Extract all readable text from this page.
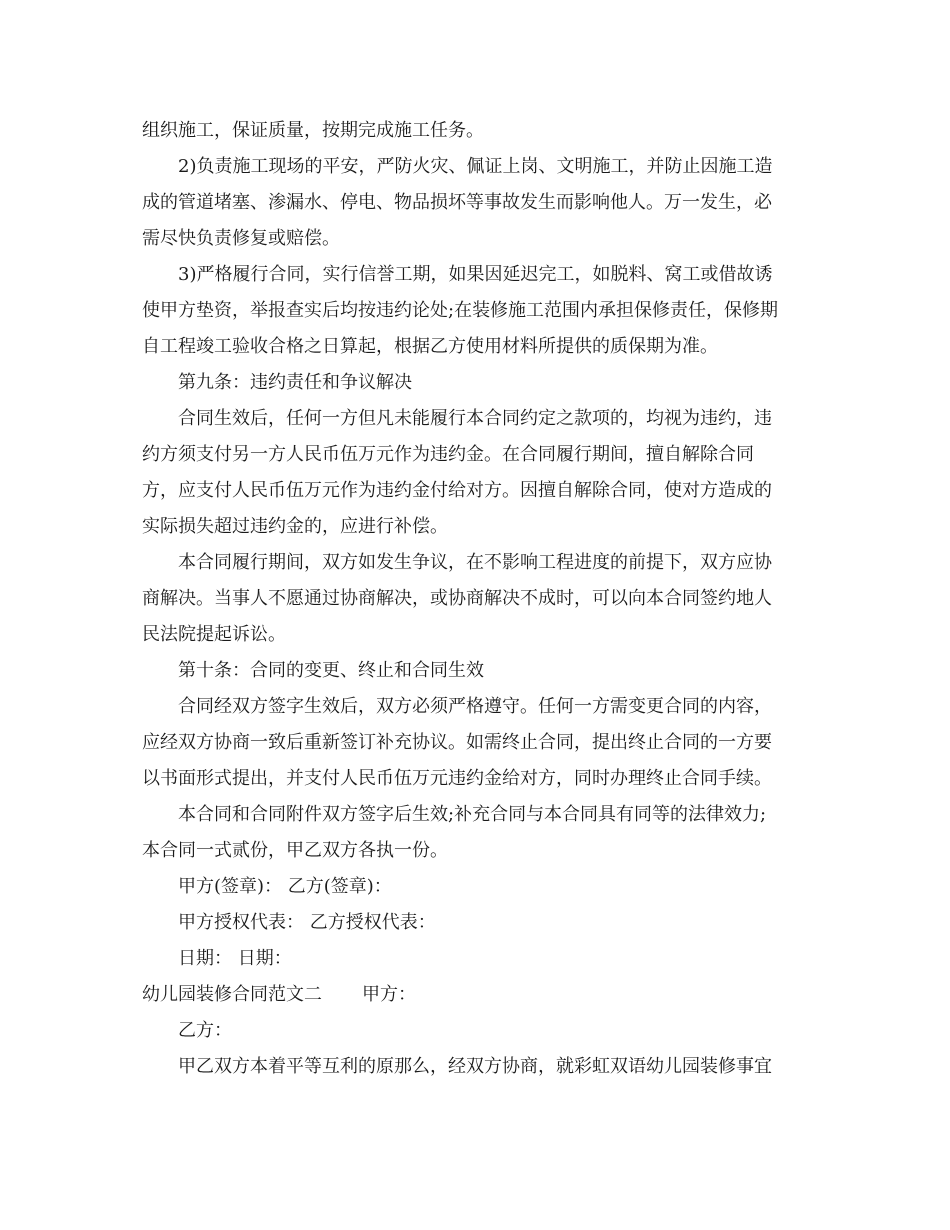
组织施工，保证质量，按期完成施工任务。
2)负责施工现场的平安，严防火灾、佩证上岗、文明施工，并防止因施工造
成的管道堵塞、渗漏水、停电、物品损坏等事故发生而影响他人。万一发生，必
需尽快负责修复或赔偿。
3)严格履行合同，实行信誉工期，如果因延迟完工，如脱料、窝工或借故诱
使甲方垫资，举报查实后均按违约论处;在装修施工范围内承担保修责任，保修期
自工程竣工验收合格之日算起，根据乙方使用材料所提供的质保期为准。
第九条：违约责任和争议解决
合同生效后，任何一方但凡未能履行本合同约定之款项的，均视为违约，违
约方须支付另一方人民币伍万元作为违约金。在合同履行期间，擅自解除合同
方，应支付人民币伍万元作为违约金付给对方。因擅自解除合同，使对方造成的
实际损失超过违约金的，应进行补偿。
本合同履行期间，双方如发生争议，在不影响工程进度的前提下，双方应协
商解决。当事人不愿通过协商解决，或协商解决不成时，可以向本合同签约地人
民法院提起诉讼。
第十条：合同的变更、终止和合同生效
合同经双方签字生效后，双方必须严格遵守。任何一方需变更合同的内容，
应经双方协商一致后重新签订补充协议。如需终止合同，提出终止合同的一方要
以书面形式提出，并支付人民币伍万元违约金给对方，同时办理终止合同手续。
本合同和合同附件双方签字后生效;补充合同与本合同具有同等的法律效力;
本合同一式贰份，甲乙双方各执一份。
甲方(签章)： 乙方(签章)：
甲方授权代表： 乙方授权代表：
日期： 日期：
幼儿园装修合同范文二 甲方：
乙方：
甲乙双方本着平等互利的原那么，经双方协商，就彩虹双语幼儿园装修事宜
